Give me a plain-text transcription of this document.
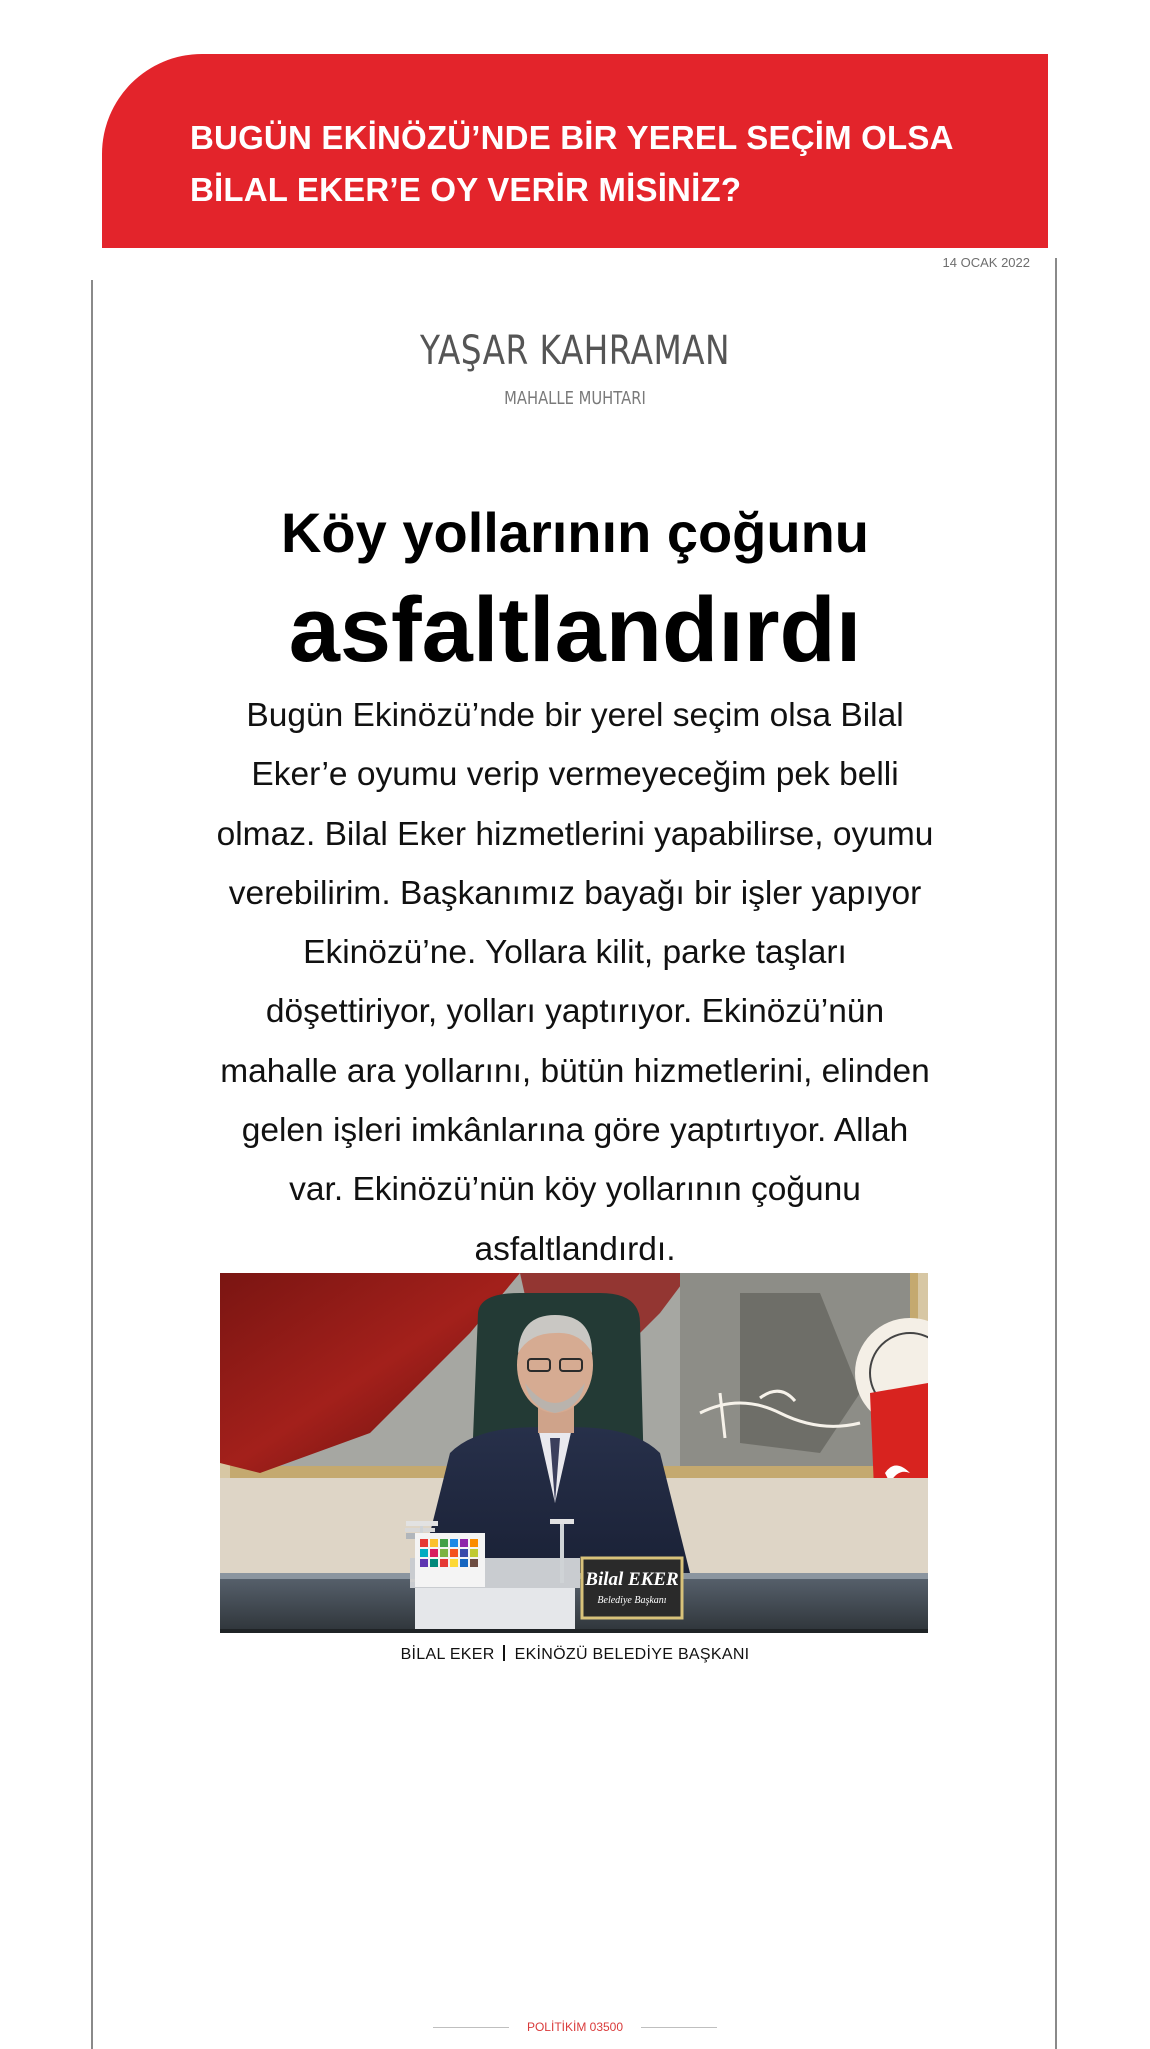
BUGÜN EKİNÖZÜ’NDE BİR YEREL SEÇİM OLSA
BİLAL EKER’E OY VERİR MİSİNİZ?

14 OCAK 2022
YAŞAR KAHRAMAN
MAHALLE MUHTARI
Köy yollarının çoğunu
asfaltlandırdı

Bugün Ekinözü’nde bir yerel seçim olsa Bilal Eker’e oyumu verip vermeyeceğim pek belli olmaz. Bilal Eker hizmetlerini yapabilirse, oyumu verebilirim. Başkanımız bayağı bir işler yapıyor Ekinözü’ne. Yollara kilit, parke taşları döşettiriyor, yolları yaptırıyor. Ekinözü’nün mahalle ara yollarını, bütün hizmetlerini, elinden gelen işleri imkânlarına göre yaptırtıyor. Allah var. Ekinözü’nün köy yollarının çoğunu asfaltlandırdı.

Bilal EKER
Belediye Başkanı
BİLAL EKER EKİNÖZÜ BELEDİYE BAŞKANI
POLİTİKİM 03500
